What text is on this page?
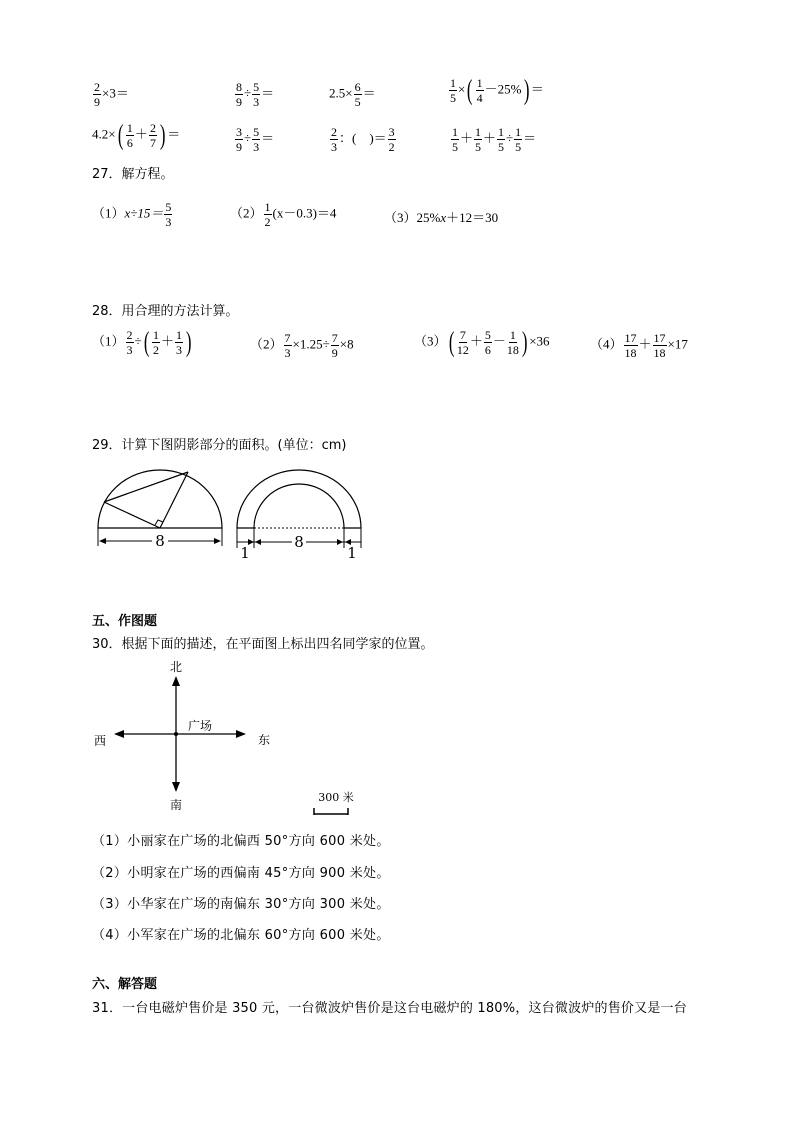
$\frac{2}{9} \times 3=$	$\frac{8}{9} \div \frac{5}{3}$ ＝	$2.5\times \frac{6}{5}$ ＝	$\frac{1}{5}$ ×( $\frac{1}{4} -25\%$) ＝
$4.2\times( \frac{1}{6} + \frac{2}{7}$ ) ＝	$\frac{3}{9} \div \frac{5}{3}$ ＝	$\frac{2}{3}$ ：(　)＝ $\frac{3}{2}$	$\frac{1}{5} + \frac{1}{5} + \frac{1}{5} \div \frac{1}{5}$ ＝
27．解方程。
$(1)x\div 15= \frac{5}{3}$	$(2) \frac{1}{2} (x-0.3)=4$	（3）25%x＋12＝30
28．用合理的方法计算。
$(1) \frac{2}{3}$ ÷( $\frac{1}{2} + \frac{1}{3}$ )	$(2) \frac{7}{3} \times 1.25\div \frac{7}{9} \times 8$	$(3)( \frac{7}{12} + \frac{5}{6} - \frac{1}{18}$ ) ×36	$(4) \frac{17}{18} + \frac{17}{18} \times 17$
29．计算下图阴影部分的面积。(单位：cm)
8
1
8
1
五、作图题
30．根据下面的描述，在平面图上标出四名同学家的位置。
北
南
东
西
广场
300 米
（1）小丽家在广场的北偏西 50°方向 600 米处。
（2）小明家在广场的西偏南 45°方向 900 米处。
（3）小华家在广场的南偏东 30°方向 300 米处。
（4）小军家在广场的北偏东 60°方向 600 米处。
六、解答题
31．一台电磁炉售价是 350 元，一台微波炉售价是这台电磁炉的 180%，这台微波炉的售价又是一台
